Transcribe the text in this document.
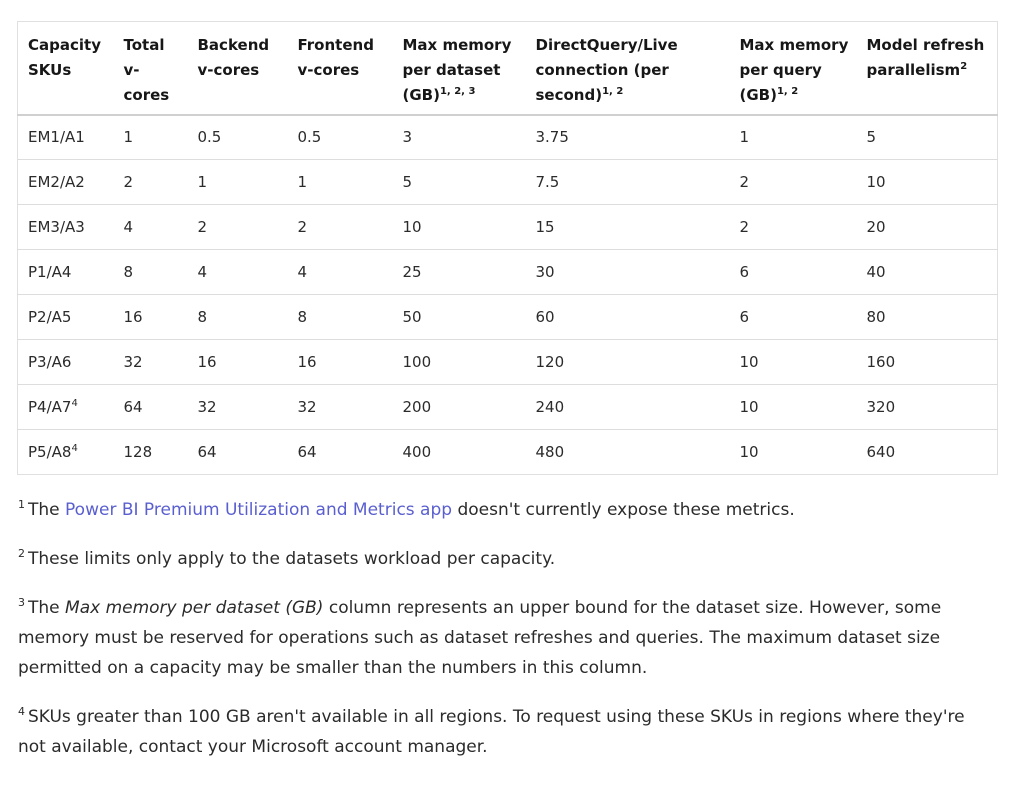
Capacity SKUs	Total v-cores	Backend v-cores	Frontend v-cores	Max memory per dataset (GB)$^{1, 2, 3}$	DirectQuery/Live connection (per second)$^{1, 2}$	Max memory per query (GB)$^{1, 2}$	Model refresh parallelism$^2$
EM1/A1	1	0.5	0.5	3	3.75	1	5
EM2/A2	2	1	1	5	7.5	2	10
EM3/A3	4	2	2	10	15	2	20
P1/A4	8	4	4	25	30	6	40
P2/A5	16	8	8	50	60	6	80
P3/A6	32	16	16	100	120	10	160
$P4/A7^4$	64	32	32	200	240	10	320
$P5/A8^4$	128	64	64	400	480	10	640

$^1$ The Power BI Premium Utilization and Metrics app doesn't currently expose these metrics.

$^2$ These limits only apply to the datasets workload per capacity.

$^3$ The Max memory per dataset (GB) column represents an upper bound for the dataset size. However, some memory must be reserved for operations such as dataset refreshes and queries. The maximum dataset size permitted on a capacity may be smaller than the numbers in this column.

$^4$ SKUs greater than 100 GB aren't available in all regions. To request using these SKUs in regions where they're not available, contact your Microsoft account manager.
